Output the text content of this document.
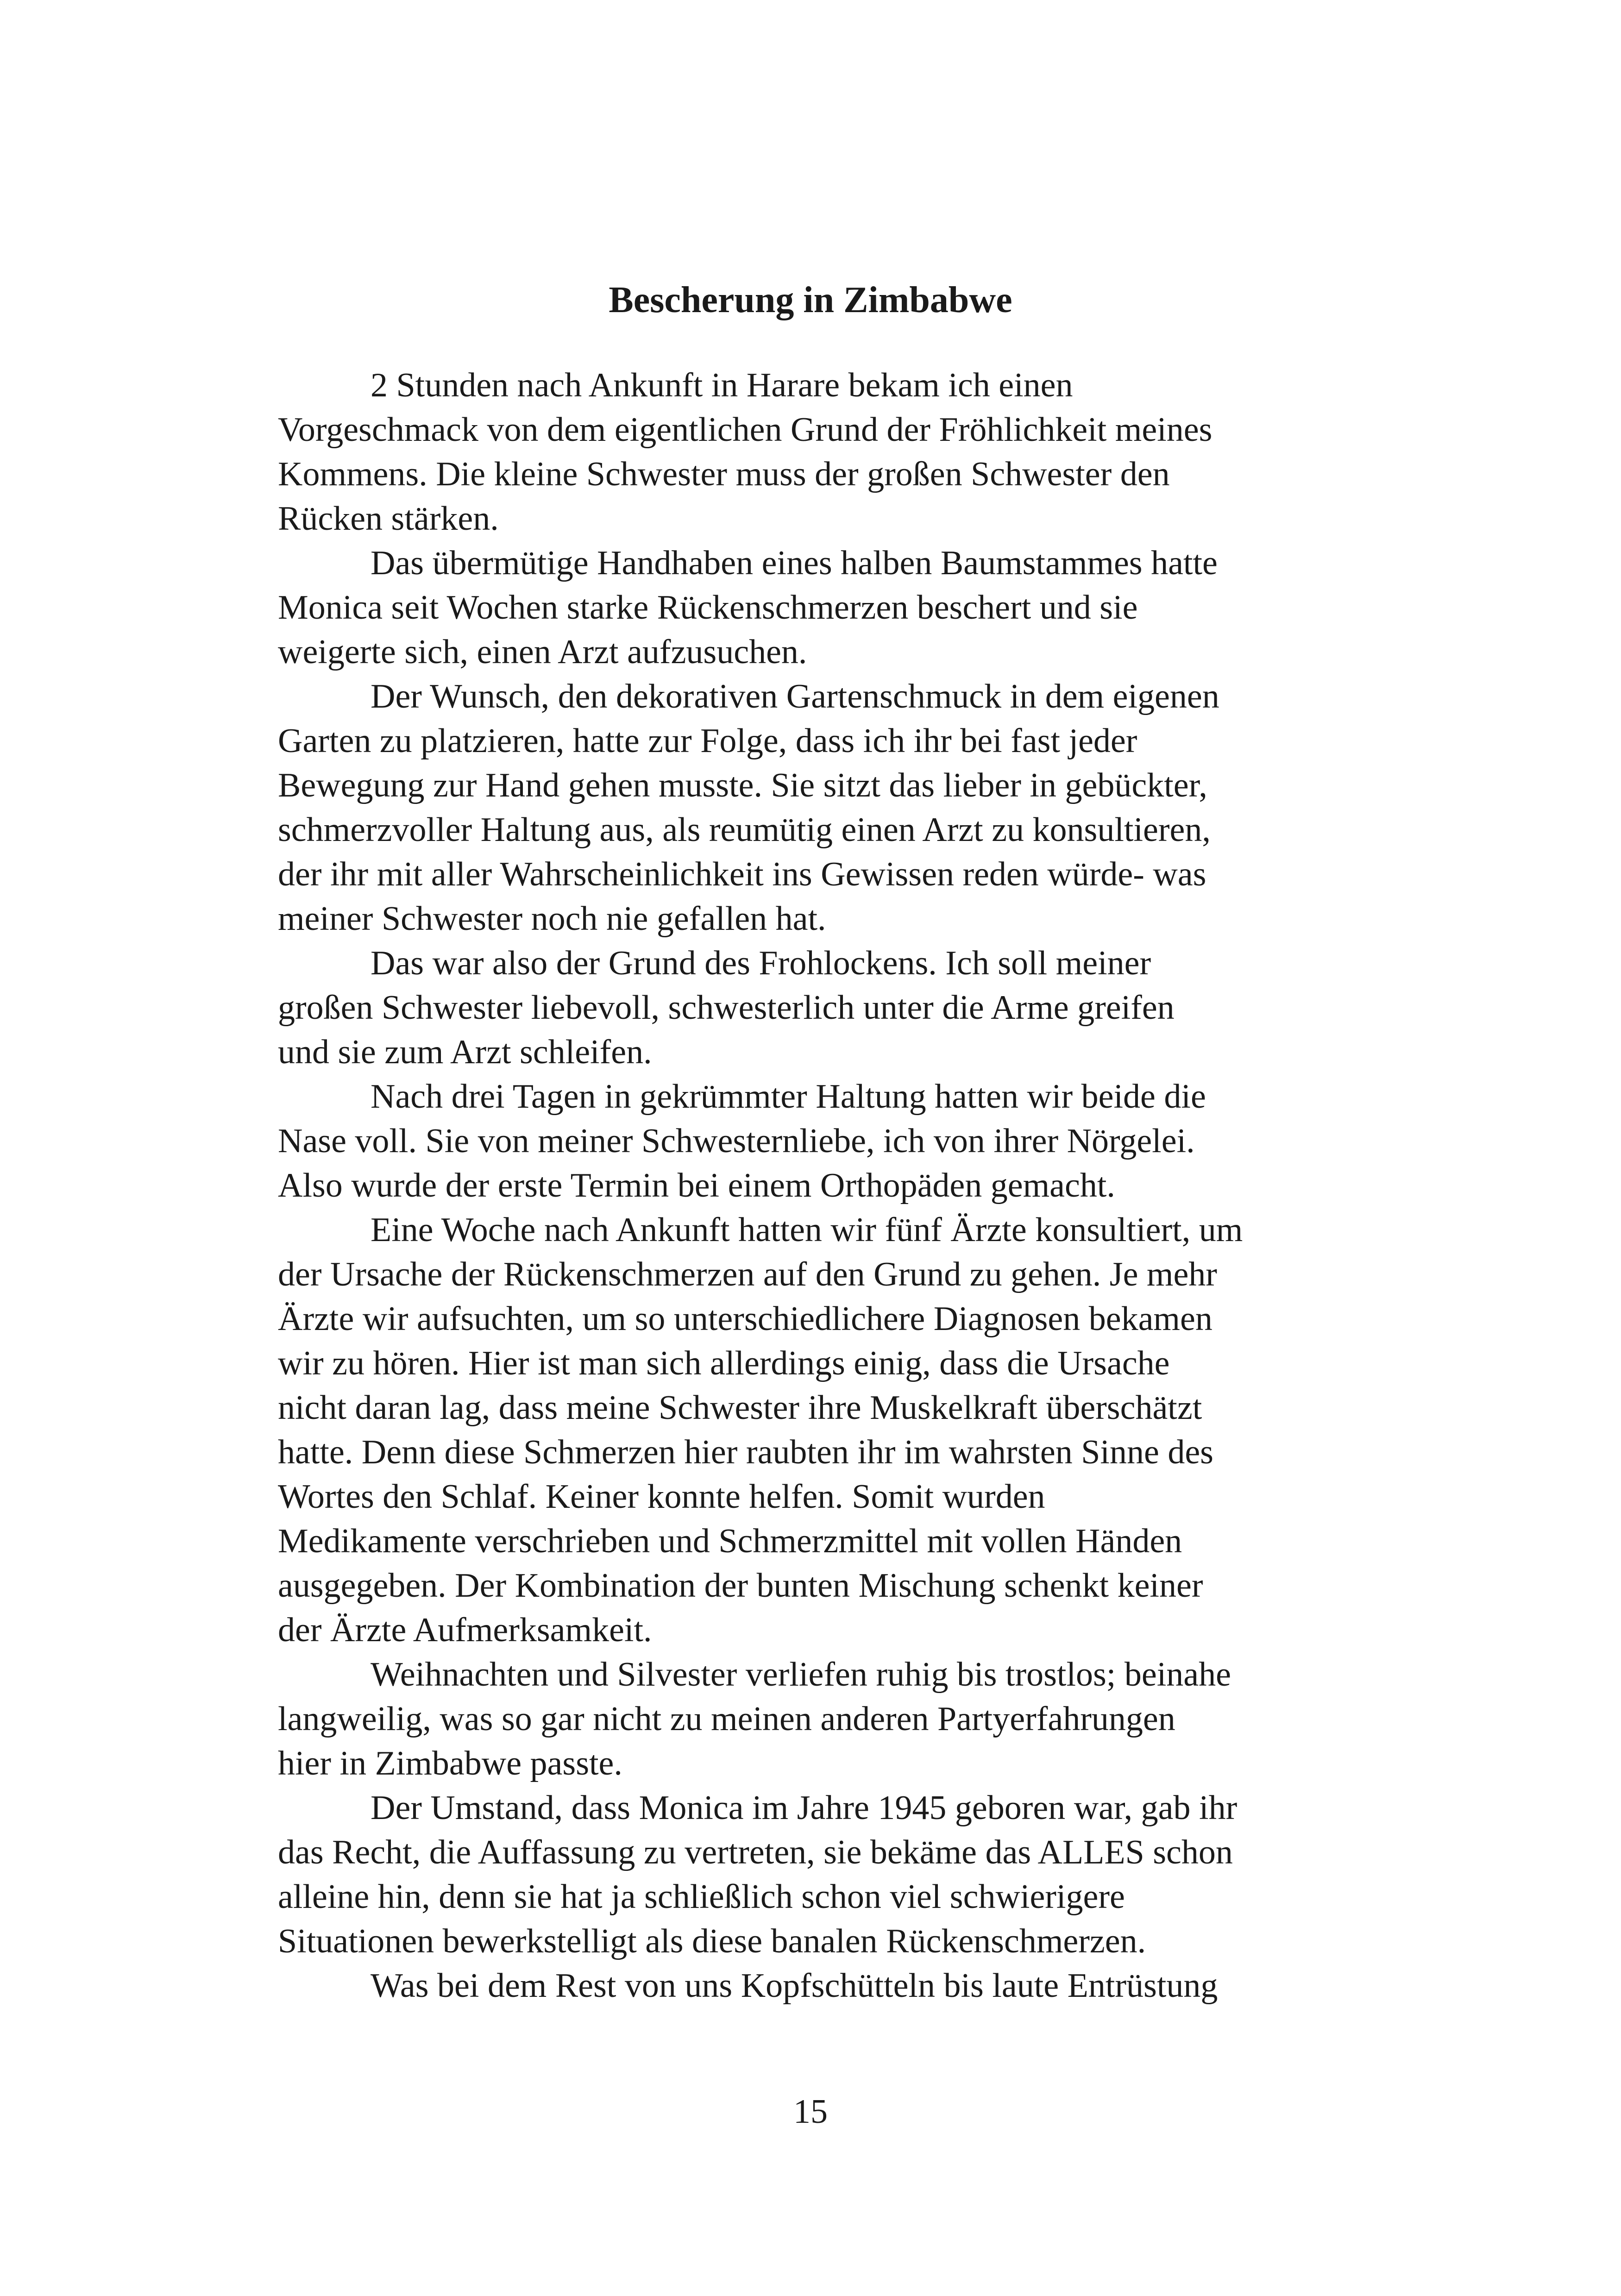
Bescherung in Zimbabwe
2 Stunden nach Ankunft in Harare bekam ich einen
Vorgeschmack von dem eigentlichen Grund der Fröhlichkeit meines
Kommens. Die kleine Schwester muss der großen Schwester den
Rücken stärken.
Das übermütige Handhaben eines halben Baumstammes hatte
Monica seit Wochen starke Rückenschmerzen beschert und sie
weigerte sich, einen Arzt aufzusuchen.
Der Wunsch, den dekorativen Gartenschmuck in dem eigenen
Garten zu platzieren, hatte zur Folge, dass ich ihr bei fast jeder
Bewegung zur Hand gehen musste. Sie sitzt das lieber in gebückter,
schmerzvoller Haltung aus, als reumütig einen Arzt zu konsultieren,
der ihr mit aller Wahrscheinlichkeit ins Gewissen reden würde- was
meiner Schwester noch nie gefallen hat.
Das war also der Grund des Frohlockens. Ich soll meiner
großen Schwester liebevoll, schwesterlich unter die Arme greifen
und sie zum Arzt schleifen.
Nach drei Tagen in gekrümmter Haltung hatten wir beide die
Nase voll. Sie von meiner Schwesternliebe, ich von ihrer Nörgelei.
Also wurde der erste Termin bei einem Orthopäden gemacht.
Eine Woche nach Ankunft hatten wir fünf Ärzte konsultiert, um
der Ursache der Rückenschmerzen auf den Grund zu gehen. Je mehr
Ärzte wir aufsuchten, um so unterschiedlichere Diagnosen bekamen
wir zu hören. Hier ist man sich allerdings einig, dass die Ursache
nicht daran lag, dass meine Schwester ihre Muskelkraft überschätzt
hatte. Denn diese Schmerzen hier raubten ihr im wahrsten Sinne des
Wortes den Schlaf. Keiner konnte helfen. Somit wurden
Medikamente verschrieben und Schmerzmittel mit vollen Händen
ausgegeben. Der Kombination der bunten Mischung schenkt keiner
der Ärzte Aufmerksamkeit.
Weihnachten und Silvester verliefen ruhig bis trostlos; beinahe
langweilig, was so gar nicht zu meinen anderen Partyerfahrungen
hier in Zimbabwe passte.
Der Umstand, dass Monica im Jahre 1945 geboren war, gab ihr
das Recht, die Auffassung zu vertreten, sie bekäme das ALLES schon
alleine hin, denn sie hat ja schließlich schon viel schwierigere
Situationen bewerkstelligt als diese banalen Rückenschmerzen.
Was bei dem Rest von uns Kopfschütteln bis laute Entrüstung
15
